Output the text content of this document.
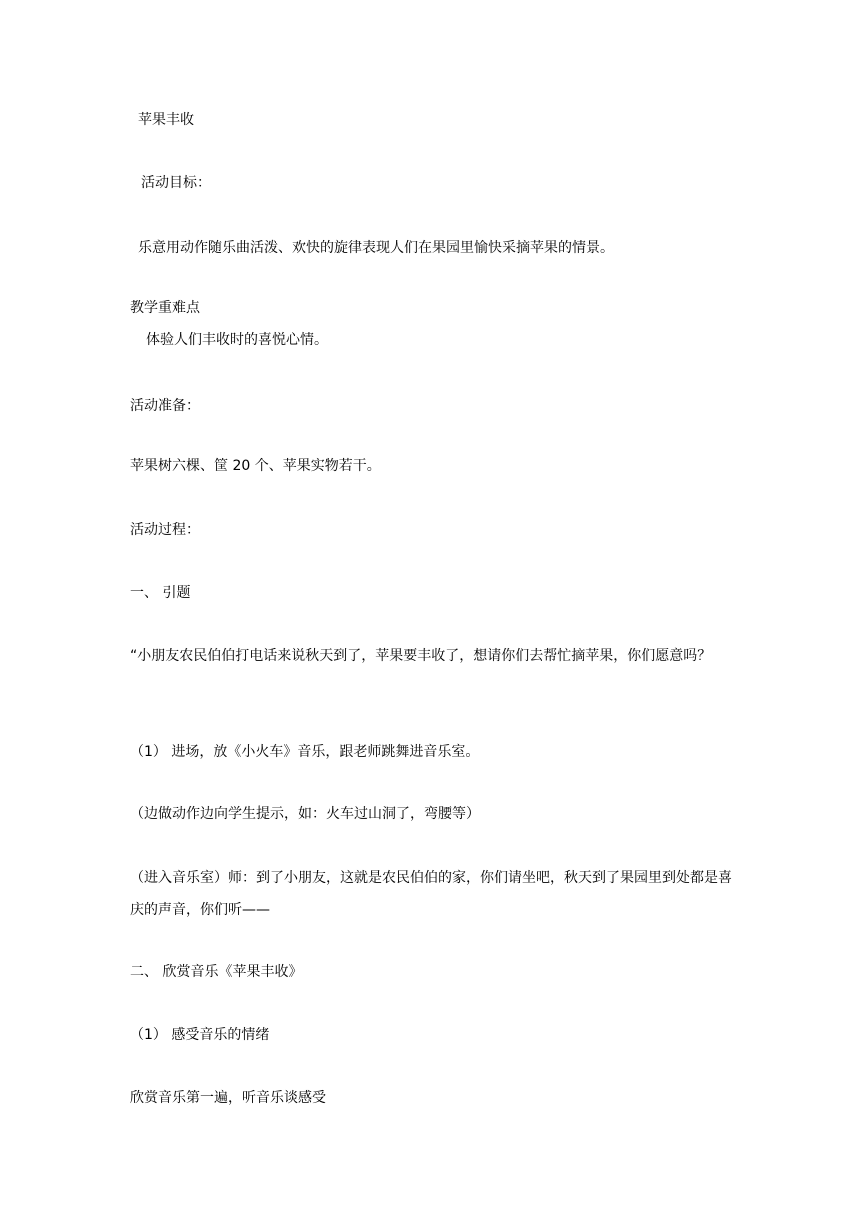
苹果丰收
活动目标：
乐意用动作随乐曲活泼、欢快的旋律表现人们在果园里愉快采摘苹果的情景。
教学重难点
体验人们丰收时的喜悦心情。
活动准备：
苹果树六棵、筐 20 个、苹果实物若干。
活动过程：
一、 引题
“小朋友农民伯伯打电话来说秋天到了，苹果要丰收了，想请你们去帮忙摘苹果，你们愿意吗？
（1） 进场，放《小火车》音乐，跟老师跳舞进音乐室。
（边做动作边向学生提示，如：火车过山洞了，弯腰等）
（进入音乐室）师：到了小朋友，这就是农民伯伯的家，你们请坐吧，秋天到了果园里到处都是喜庆的声音，你们听——
二、 欣赏音乐《苹果丰收》
（1） 感受音乐的情绪
欣赏音乐第一遍，听音乐谈感受
